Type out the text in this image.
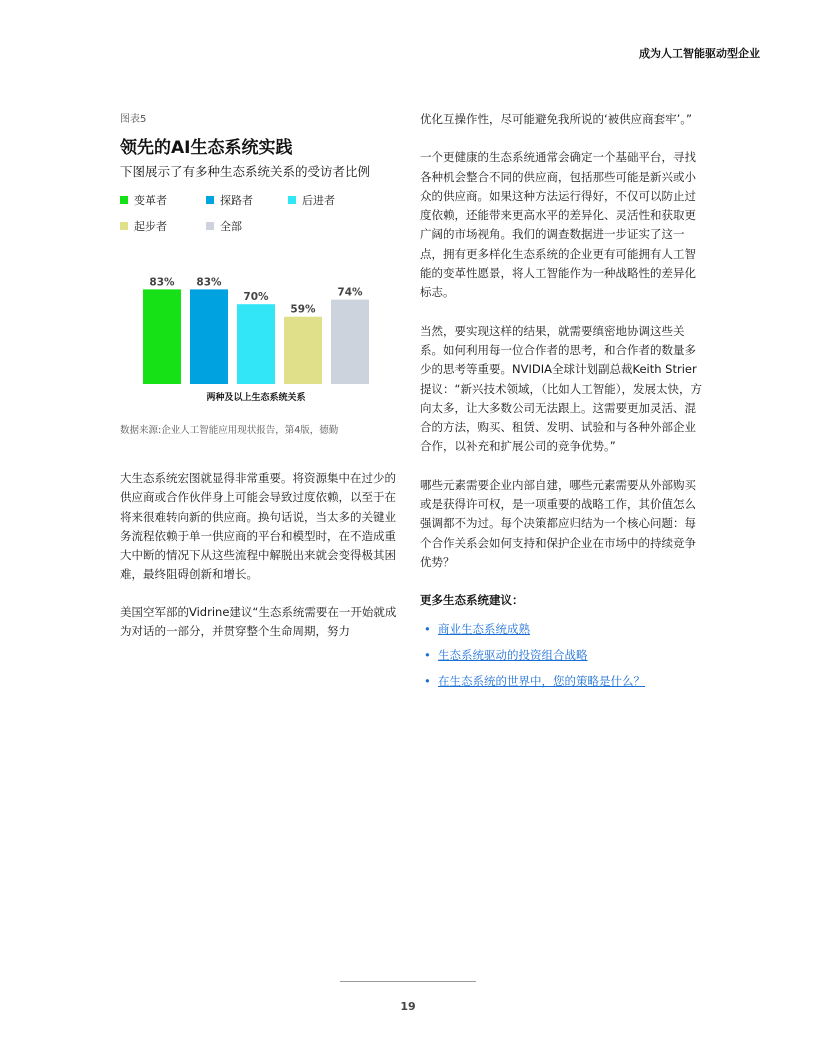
成为人工智能驱动型企业
图表5
领先的AI生态系统实践
下图展示了有多种生态系统关系的受访者比例
变革者	探路者	后进者
起步者	全部
83% 83%
70%
59%
74%
两种及以上生态系统关系
数据来源:企业人工智能应用现状报告，第4版，德勤

大生态系统宏图就显得非常重要。将资源集中在过少的供应商或合作伙伴身上可能会导致过度依赖，以至于在将来很难转向新的供应商。换句话说，当太多的关键业务流程依赖于单一供应商的平台和模型时，在不造成重大中断的情况下从这些流程中解脱出来就会变得极其困难，最终阻碍创新和增长。

美国空军部的Vidrine建议“生态系统需要在一开始就成为对话的一部分，并贯穿整个生命周期，努力

优化互操作性，尽可能避免我所说的‘被供应商套牢’。”

一个更健康的生态系统通常会确定一个基础平台，寻找各种机会整合不同的供应商，包括那些可能是新兴或小众的供应商。如果这种方法运行得好，不仅可以防止过度依赖，还能带来更高水平的差异化、灵活性和获取更广阔的市场视角。我们的调查数据进一步证实了这一点，拥有更多样化生态系统的企业更有可能拥有人工智能的变革性愿景，将人工智能作为一种战略性的差异化标志。

当然，要实现这样的结果，就需要缜密地协调这些关系。如何利用每一位合作者的思考，和合作者的数量多少的思考等重要。NVIDIA全球计划副总裁Keith Strier 提议：“新兴技术领域，（比如人工智能），发展太快，方向太多，让大多数公司无法跟上。这需要更加灵活、混合的方法，购买、租赁、发明、试验和与各种外部企业合作，以补充和扩展公司的竞争优势。”

哪些元素需要企业内部自建，哪些元素需要从外部购买或是获得许可权，是一项重要的战略工作，其价值怎么强调都不为过。每个决策都应归结为一个核心问题：每个合作关系会如何支持和保护企业在市场中的持续竞争优势？

更多生态系统建议：
• 商业生态系统成熟
• 生态系统驱动的投资组合战略
• 在生态系统的世界中，您的策略是什么？
19
